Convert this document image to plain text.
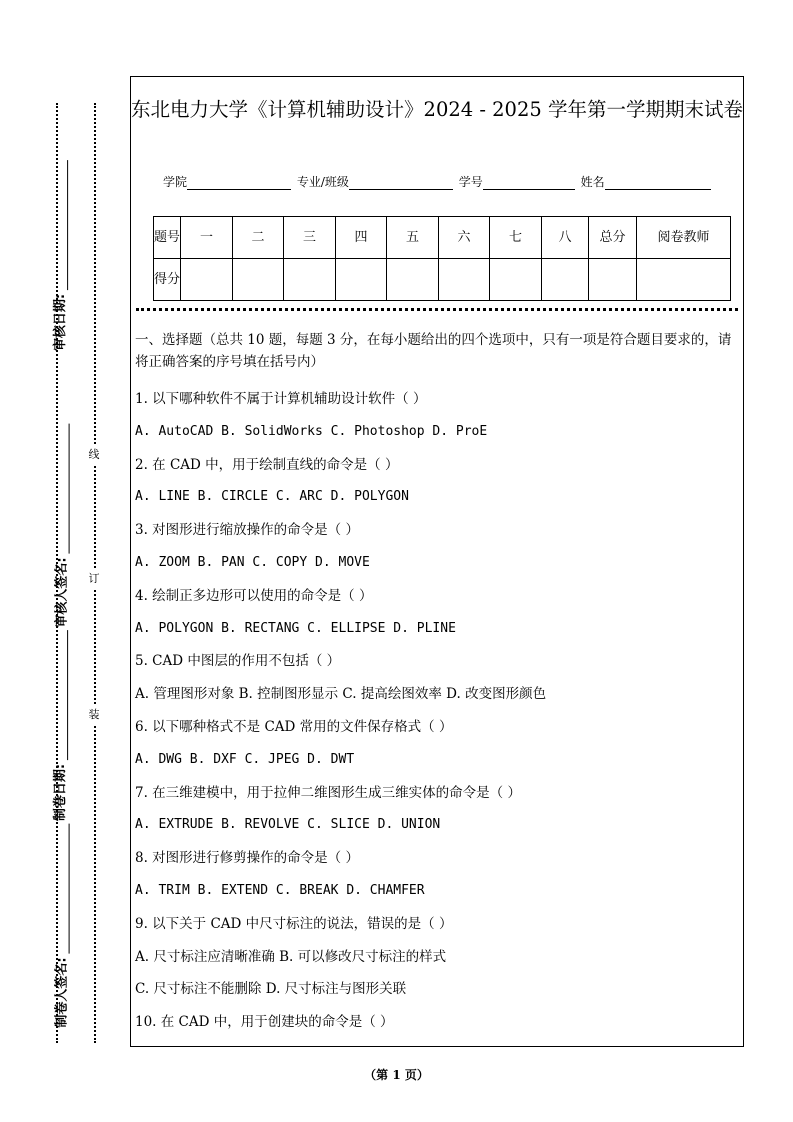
审核日期:
审核人签名:
制卷日期:
制卷人签名:
线
订
装
东北电力大学《计算机辅助设计》2024 - 2025 学年第一学期期末试卷
学院	专业/班级	学号	姓名
题号	一	二	三	四	五	六	七	八	总分	阅卷教师
得分										
一、选择题（总共 10 题，每题 3 分，在每小题给出的四个选项中，只有一项是符合题目要求的，请将正确答案的序号填在括号内）
1. 以下哪种软件不属于计算机辅助设计软件（ ）
A. AutoCAD B. SolidWorks C. Photoshop D. ProE
2. 在 CAD 中，用于绘制直线的命令是（ ）
A. LINE B. CIRCLE C. ARC D. POLYGON
3. 对图形进行缩放操作的命令是（ ）
A. ZOOM B. PAN C. COPY D. MOVE
4. 绘制正多边形可以使用的命令是（ ）
A. POLYGON B. RECTANG C. ELLIPSE D. PLINE
5. CAD 中图层的作用不包括（ ）
A. 管理图形对象 B. 控制图形显示 C. 提高绘图效率 D. 改变图形颜色
6. 以下哪种格式不是 CAD 常用的文件保存格式（ ）
A. DWG B. DXF C. JPEG D. DWT
7. 在三维建模中，用于拉伸二维图形生成三维实体的命令是（ ）
A. EXTRUDE B. REVOLVE C. SLICE D. UNION
8. 对图形进行修剪操作的命令是（ ）
A. TRIM B. EXTEND C. BREAK D. CHAMFER
9. 以下关于 CAD 中尺寸标注的说法，错误的是（ ）
A. 尺寸标注应清晰准确 B. 可以修改尺寸标注的样式
C. 尺寸标注不能删除 D. 尺寸标注与图形关联
10. 在 CAD 中，用于创建块的命令是（ ）
（第 1 页）
